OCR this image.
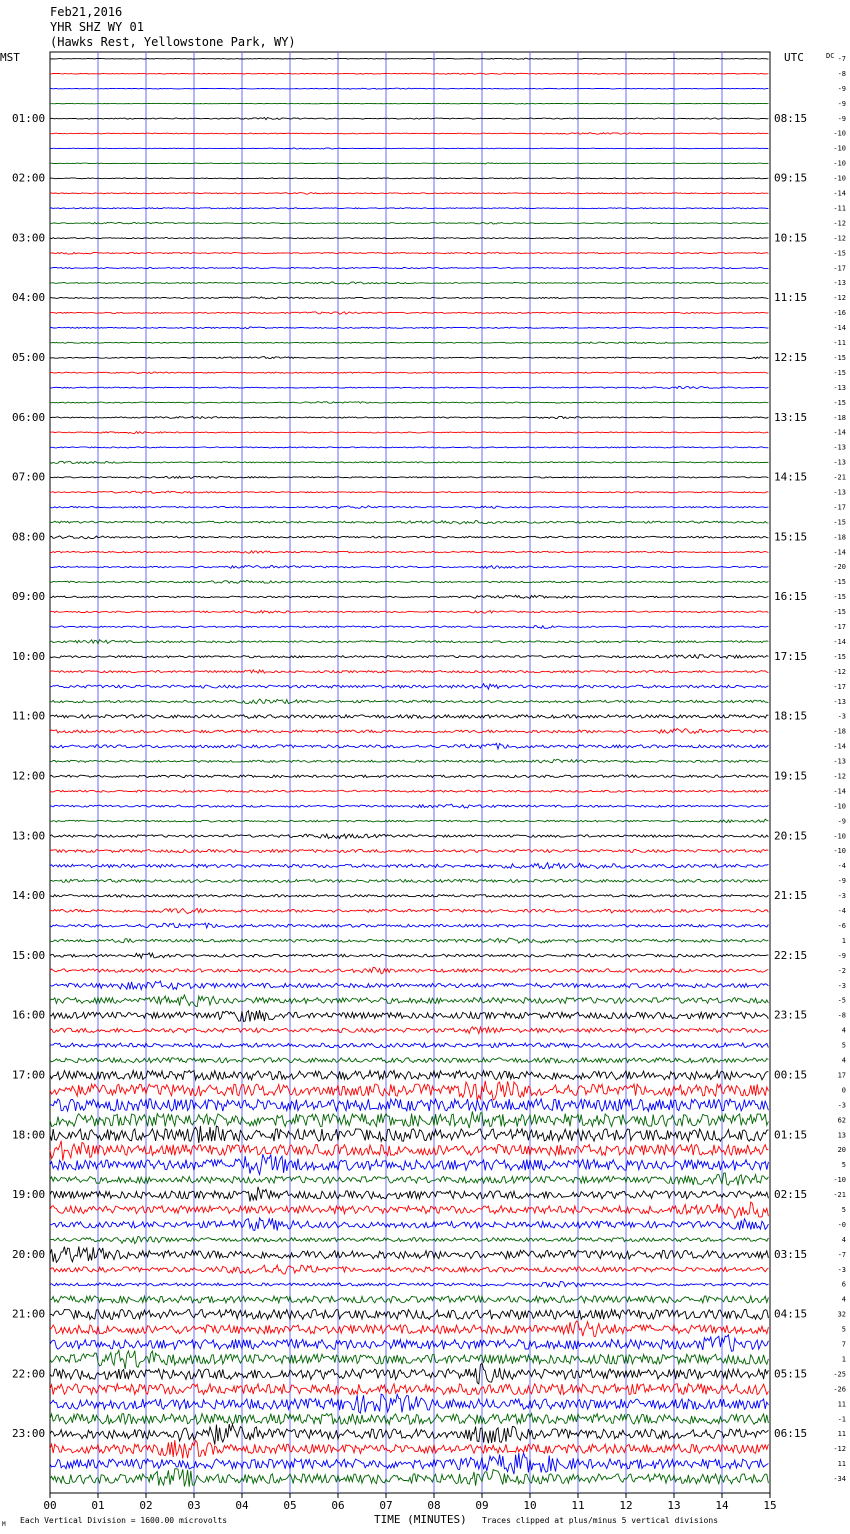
Feb21,2016
YHR SHZ WY 01
(Hawks Rest, Yellowstone Park, WY)
MST	UTC	DC
01:00
02:00
03:00
04:00
05:00
06:00
07:00
08:00
09:00
10:00
11:00
12:00
13:00
14:00
15:00
16:00
17:00
18:00
19:00
20:00
21:00
22:00
23:00
08:15
09:15
10:15
11:15
12:15
13:15
14:15
15:15
16:15
17:15
18:15
19:15
20:15
21:15
22:15
23:15
00:15
01:15
02:15
03:15
04:15
05:15
06:15
-7
-8
-9
-9
-9
-10
-10
-10
-10
-14
-11
-12
-12
-15
-17
-13
-12
-16
-14
-11
-15
-15
-13
-15
-18
-14
-13
-13
-21
-13
-17
-15
-18
-14
-20
-15
-15
-15
-17
-14
-15
-12
-17
-13
-3
-18
-14
-13
-12
-14
-10
-9
-10
-10
-4
-9
-3
-4
-6
1
-9
-2
-3
-5
-8
4
5
4
17
0
-3
62
13
20
5
-10
-21
5
-0
4
-7
-3
6
4
32
5
7
1
-25
-26
11
-1
11
-12
11
-34
00	01	02	03	04	05	06	07	08	09	10	11	12	13	14	15
M Each Vertical Division = 1600.00 microvolts	TIME (MINUTES) Traces clipped at plus/minus 5 vertical divisions
